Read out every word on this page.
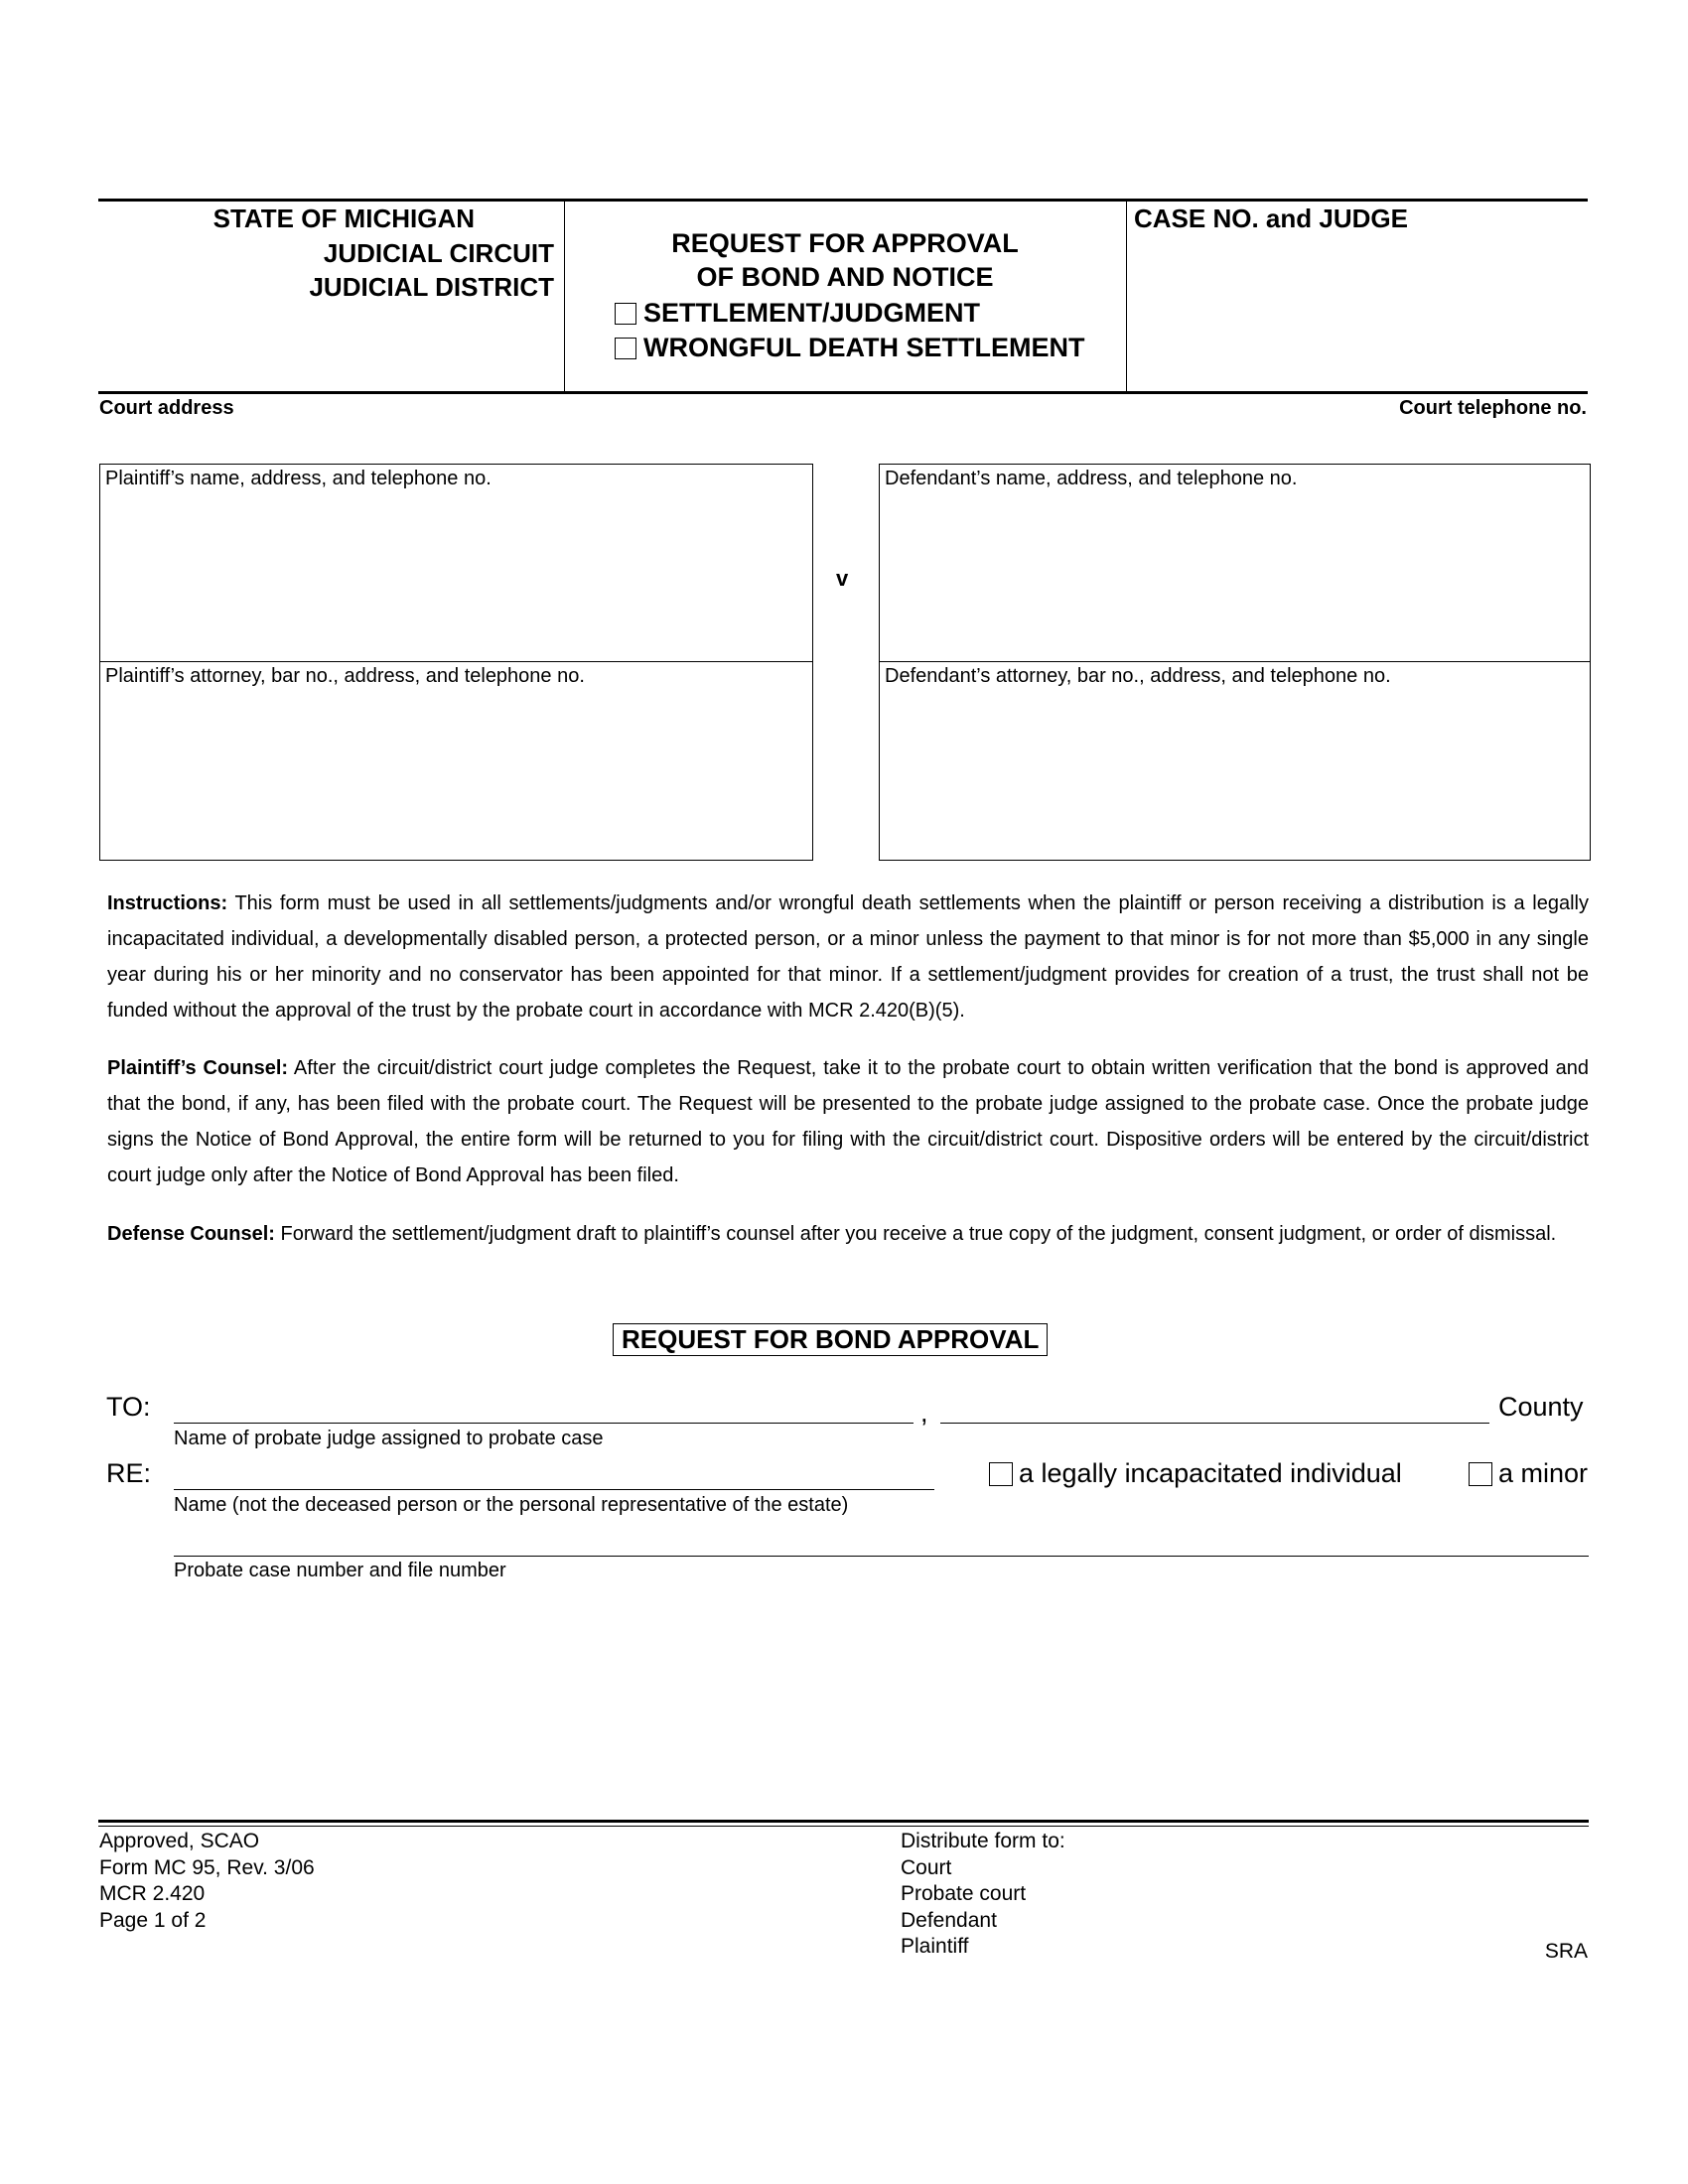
STATE OF MICHIGAN
JUDICIAL CIRCUIT
JUDICIAL DISTRICT
REQUEST FOR APPROVAL
OF BOND AND NOTICE
SETTLEMENT/JUDGMENT
WRONGFUL DEATH SETTLEMENT
CASE NO. and JUDGE
Court address	Court telephone no.
Plaintiff’s name, address, and telephone no.
Plaintiff’s attorney, bar no., address, and telephone no.
v
Defendant’s name, address, and telephone no.
Defendant’s attorney, bar no., address, and telephone no.
Instructions: This form must be used in all settlements/judgments and/or wrongful death settlements when the plaintiff or person receiving a distribution is a legally incapacitated individual, a developmentally disabled person, a protected person, or a minor unless the payment to that minor is for not more than $5,000 in any single year during his or her minority and no conservator has been appointed for that minor. If a settlement/judgment provides for creation of a trust, the trust shall not be funded without the approval of the trust by the probate court in accordance with MCR 2.420(B)(5).
Plaintiff’s Counsel: After the circuit/district court judge completes the Request, take it to the probate court to obtain written verification that the bond is approved and that the bond, if any, has been filed with the probate court. The Request will be presented to the probate judge assigned to the probate case. Once the probate judge signs the Notice of Bond Approval, the entire form will be returned to you for filing with the circuit/district court. Dispositive orders will be entered by the circuit/district court judge only after the Notice of Bond Approval has been filed.
Defense Counsel: Forward the settlement/judgment draft to plaintiff’s counsel after you receive a true copy of the judgment, consent judgment, or order of dismissal.
REQUEST FOR BOND APPROVAL
TO:	,	County
Name of probate judge assigned to probate case
RE:
Name (not the deceased person or the personal representative of the estate)
a legally incapacitated individual	a minor
Probate case number and file number
Approved, SCAO
Form MC 95, Rev. 3/06
MCR 2.420
Page 1 of 2
Distribute form to:
Court
Probate court
Defendant
Plaintiff	SRA
